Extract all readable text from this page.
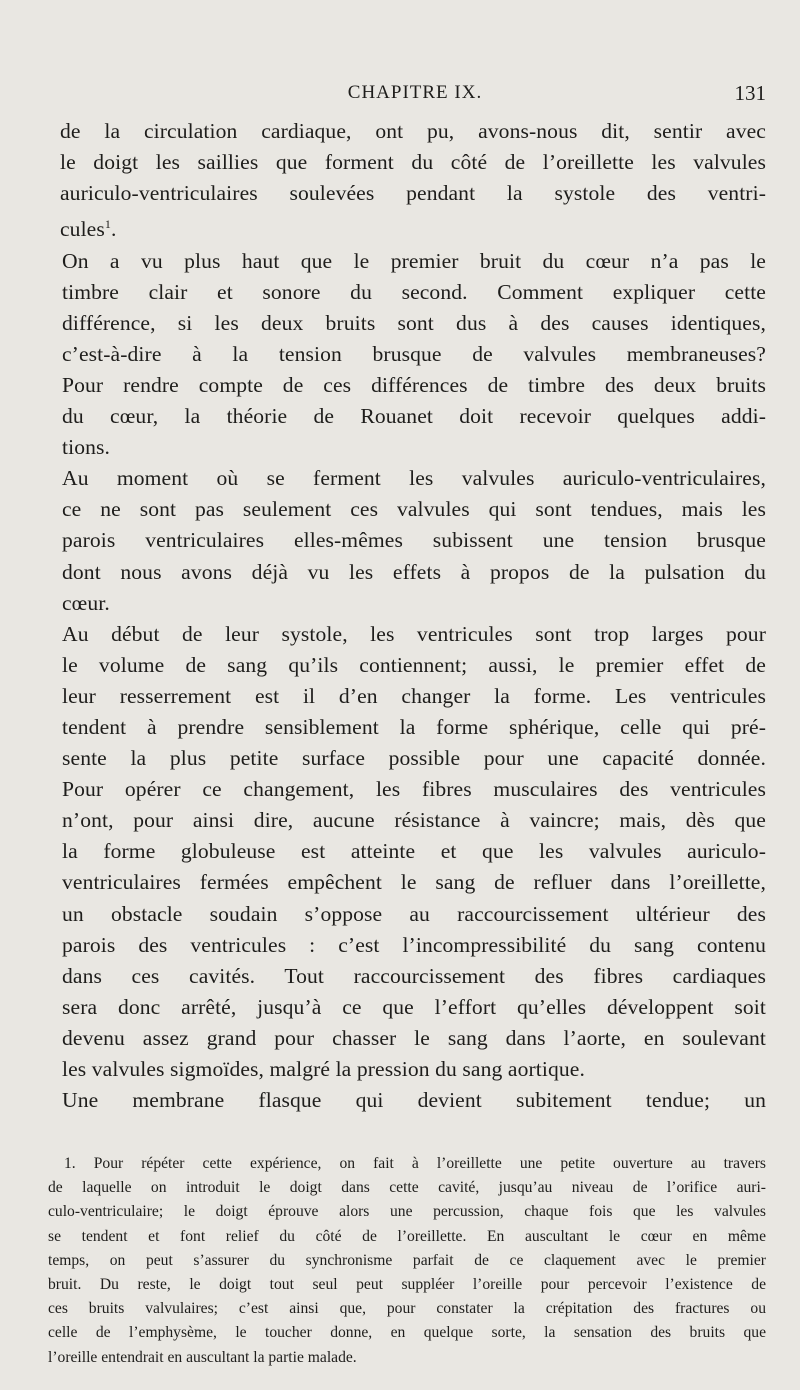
CHAPITRE IX.	131

de la circulation cardiaque, ont pu, avons-nous dit, sentir avec
le doigt les saillies que forment du côté de l’oreillette les valvules
auriculo-ventriculaires soulevées pendant la systole des ventri-
cules$^1$.

On a vu plus haut que le premier bruit du cœur n’a pas le
timbre clair et sonore du second. Comment expliquer cette
différence, si les deux bruits sont dus à des causes identiques,
c’est-à-dire à la tension brusque de valvules membraneuses?
Pour rendre compte de ces différences de timbre des deux bruits
du cœur, la théorie de Rouanet doit recevoir quelques addi-
tions.

Au moment où se ferment les valvules auriculo-ventriculaires,
ce ne sont pas seulement ces valvules qui sont tendues, mais les
parois ventriculaires elles-mêmes subissent une tension brusque
dont nous avons déjà vu les effets à propos de la pulsation du
cœur.

Au début de leur systole, les ventricules sont trop larges pour
le volume de sang qu’ils contiennent; aussi, le premier effet de
leur resserrement est il d’en changer la forme. Les ventricules
tendent à prendre sensiblement la forme sphérique, celle qui pré-
sente la plus petite surface possible pour une capacité donnée.
Pour opérer ce changement, les fibres musculaires des ventricules
n’ont, pour ainsi dire, aucune résistance à vaincre; mais, dès que
la forme globuleuse est atteinte et que les valvules auriculo-
ventriculaires fermées empêchent le sang de refluer dans l’oreillette,
un obstacle soudain s’oppose au raccourcissement ultérieur des
parois des ventricules : c’est l’incompressibilité du sang contenu
dans ces cavités. Tout raccourcissement des fibres cardiaques
sera donc arrêté, jusqu’à ce que l’effort qu’elles développent soit
devenu assez grand pour chasser le sang dans l’aorte, en soulevant
les valvules sigmoïdes, malgré la pression du sang aortique.

Une membrane flasque qui devient subitement tendue; un

1. Pour répéter cette expérience, on fait à l’oreillette une petite ouverture au travers
de laquelle on introduit le doigt dans cette cavité, jusqu’au niveau de l’orifice auri-
culo-ventriculaire; le doigt éprouve alors une percussion, chaque fois que les valvules
se tendent et font relief du côté de l’oreillette. En auscultant le cœur en même
temps, on peut s’assurer du synchronisme parfait de ce claquement avec le premier
bruit. Du reste, le doigt tout seul peut suppléer l’oreille pour percevoir l’existence de
ces bruits valvulaires; c’est ainsi que, pour constater la crépitation des fractures ou
celle de l’emphysème, le toucher donne, en quelque sorte, la sensation des bruits que
l’oreille entendrait en auscultant la partie malade.
